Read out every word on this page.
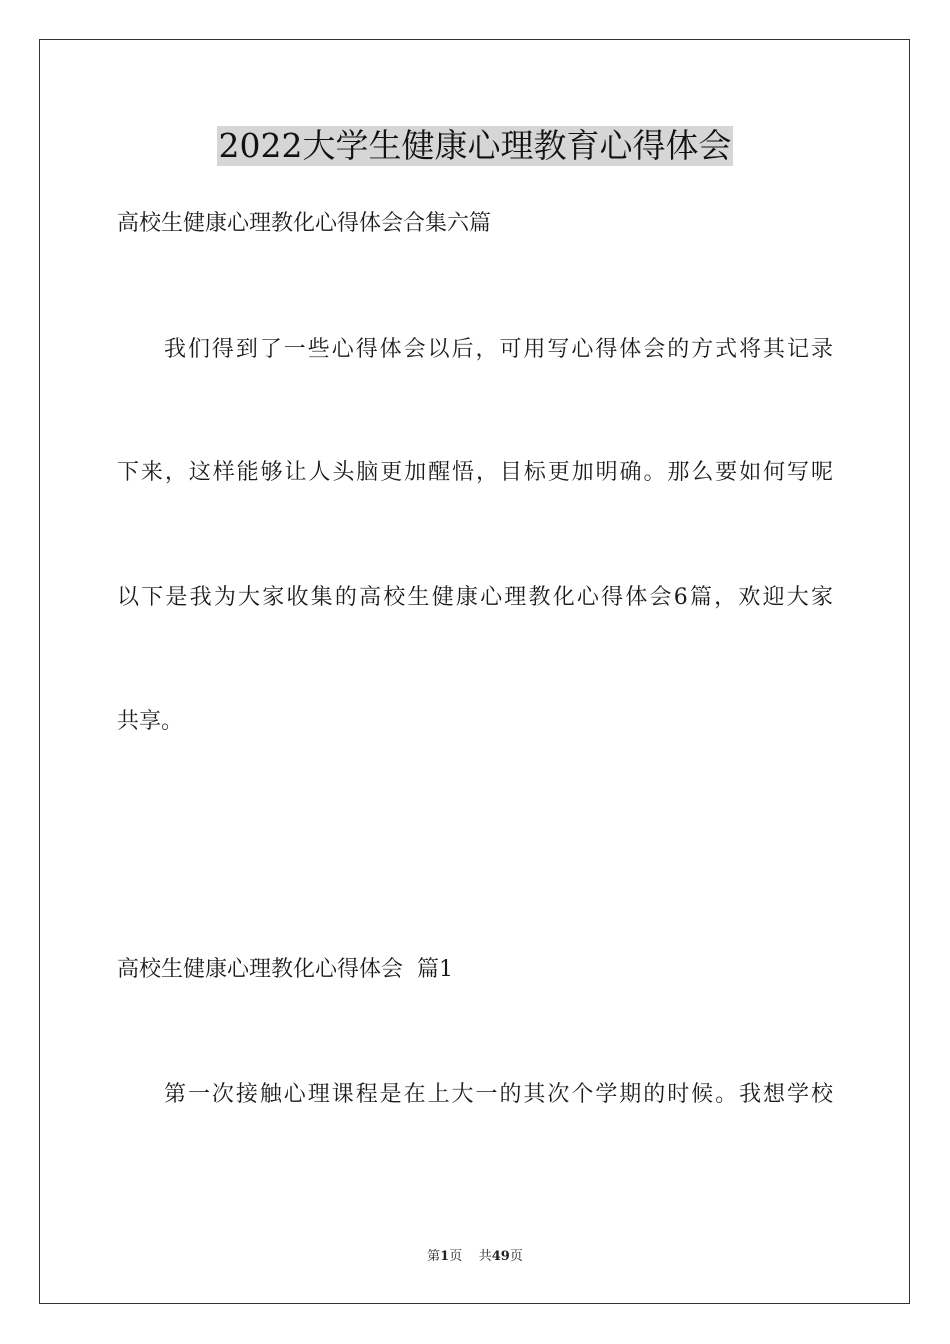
2022大学生健康心理教育心得体会
高校生健康心理教化心得体会合集六篇
我们得到了一些心得体会以后，可用写心得体会的方式将其记录
下来，这样能够让人头脑更加醒悟，目标更加明确。那么要如何写呢
以下是我为大家收集的高校生健康心理教化心得体会6篇，欢迎大家
共享。
高校生健康心理教化心得体会  篇1
第一次接触心理课程是在上大一的其次个学期的时候。我想学校
第1页 共49页
